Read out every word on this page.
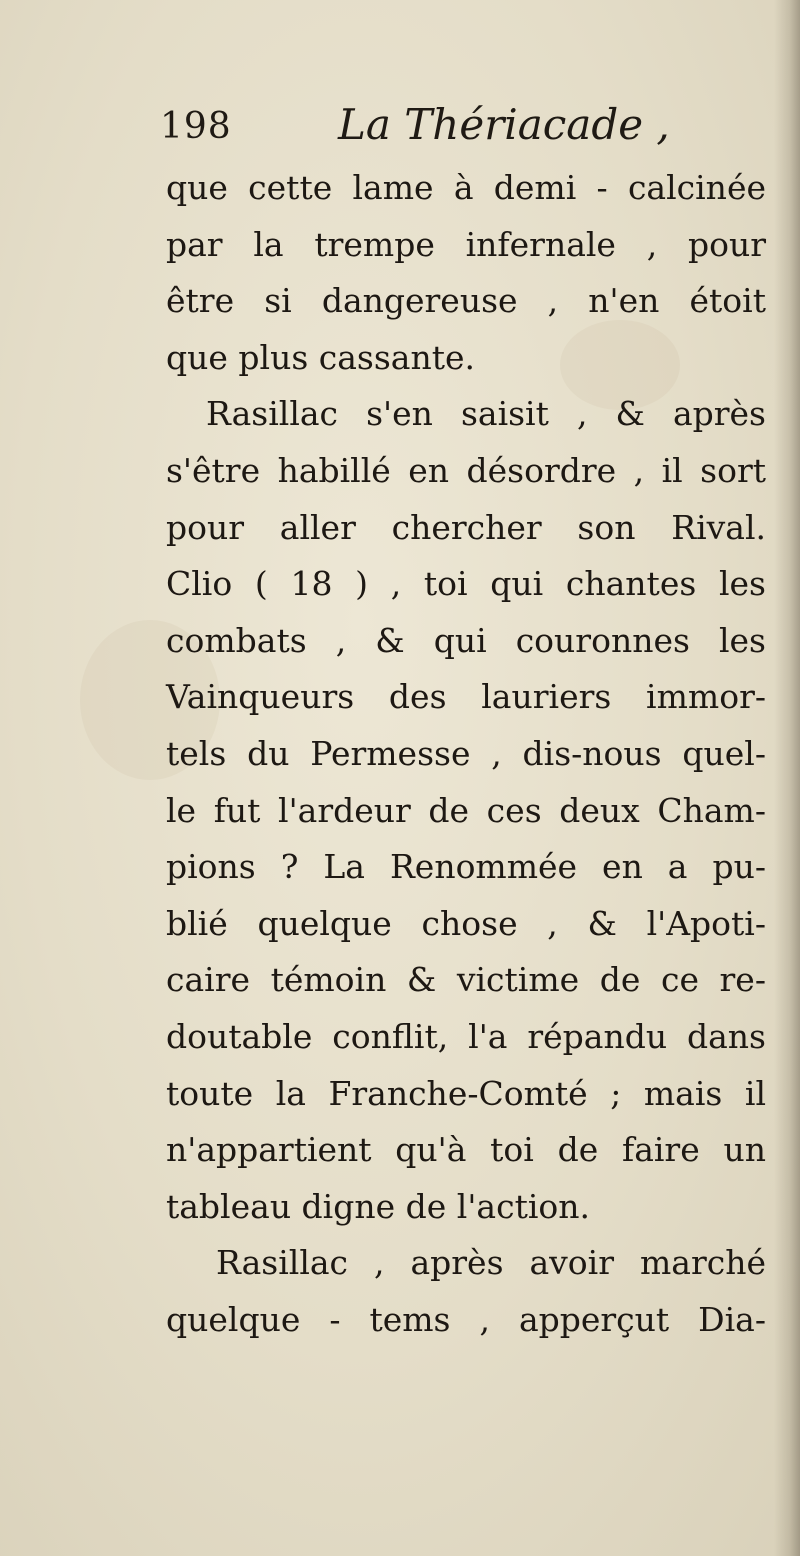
198	La Thériacade ,
que cette lame à demi - calcinée
par la trempe infernale , pour
être si dangereuse , n'en étoit
que plus cassante.
Rasillac s'en saisit , & après
s'être habillé en désordre , il sort
pour aller chercher son Rival.
Clio ( 18 ) , toi qui chantes les
combats , & qui couronnes les
Vainqueurs des lauriers immor-
tels du Permesse , dis-nous quel-
le fut l'ardeur de ces deux Cham-
pions ? La Renommée en a pu-
blié quelque chose , & l'Apoti-
caire témoin & victime de ce re-
doutable conflit, l'a répandu dans
toute la Franche-Comté ; mais il
n'appartient qu'à toi de faire un
tableau digne de l'action.
Rasillac , après avoir marché
quelque - tems , apperçut Dia-
